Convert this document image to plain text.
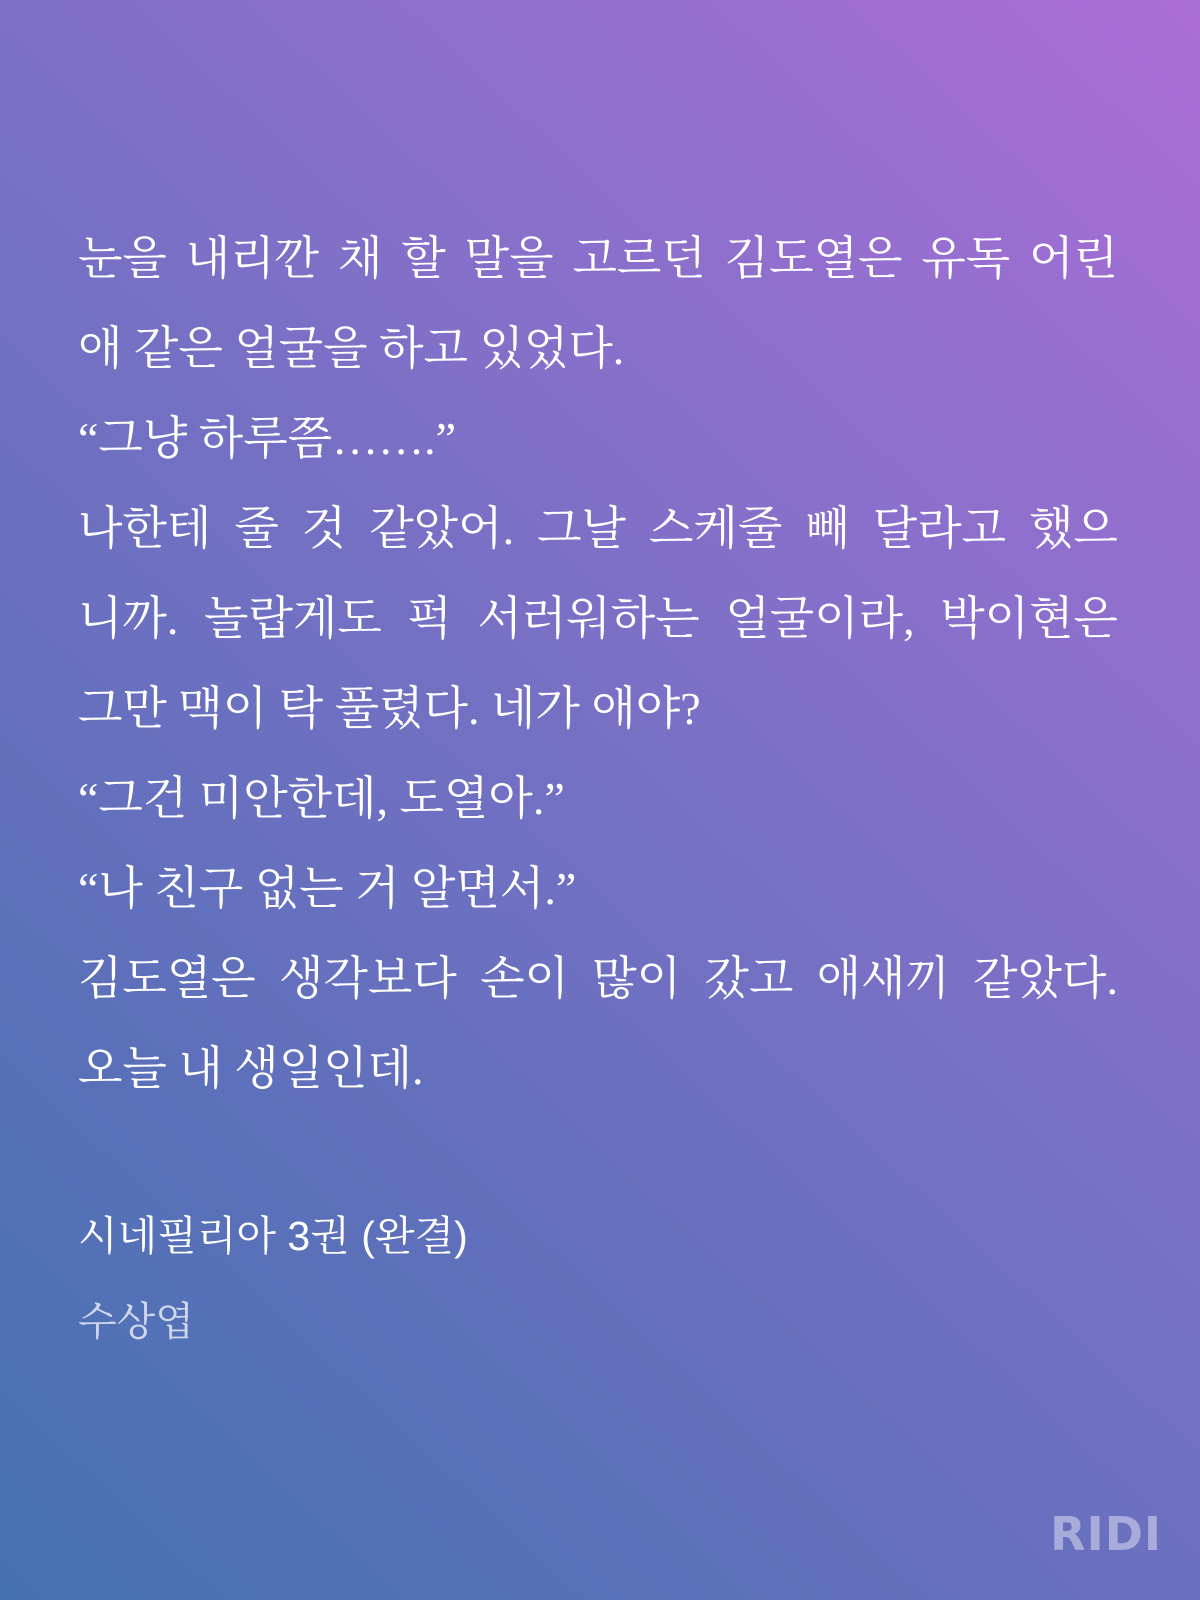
눈을 내리깐 채 할 말을 고르던 김도열은 유독 어린
애 같은 얼굴을 하고 있었다.
“그냥 하루쯤…….”
나한테 줄 것 같았어. 그날 스케줄 빼 달라고 했으
니까. 놀랍게도 퍽 서러워하는 얼굴이라, 박이현은
그만 맥이 탁 풀렸다. 네가 애야?
“그건 미안한데, 도열아.”
“나 친구 없는 거 알면서.”
김도열은 생각보다 손이 많이 갔고 애새끼 같았다.
오늘 내 생일인데.
시네필리아 3권 (완결)
수상엽
RIDI
